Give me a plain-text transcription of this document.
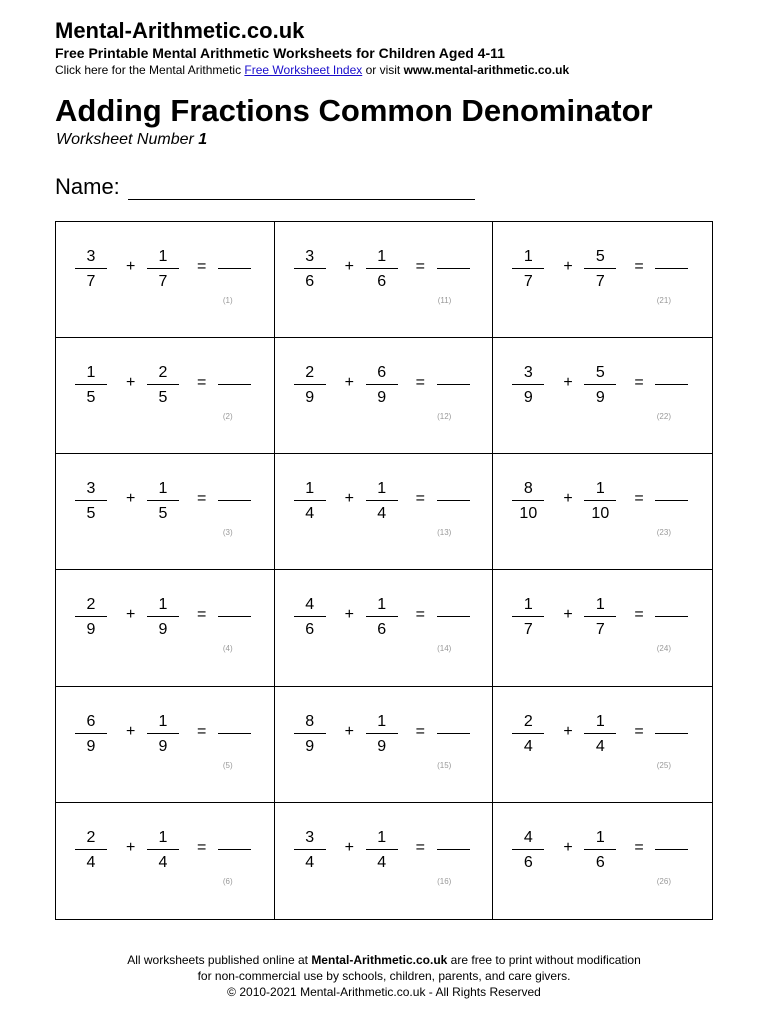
Mental-Arithmetic.co.uk

Free Printable Mental Arithmetic Worksheets for Children Aged 4-11

Click here for the Mental Arithmetic Free Worksheet Index or visit www.mental-arithmetic.co.uk

Adding Fractions Common Denominator

Worksheet Number 1

Name:
3
7
+
1
7
=
(1)
3
6
+
1
6
=
(11)
1
7
+
5
7
=
(21)
1
5
+
2
5
=
(2)
2
9
+
6
9
=
(12)
3
9
+
5
9
=
(22)
3
5
+
1
5
=
(3)
1
4
+
1
4
=
(13)
8
10
+
1
10
=
(23)
2
9
+
1
9
=
(4)
4
6
+
1
6
=
(14)
1
7
+
1
7
=
(24)
6
9
+
1
9
=
(5)
8
9
+
1
9
=
(15)
2
4
+
1
4
=
(25)
2
4
+
1
4
=
(6)
3
4
+
1
4
=
(16)
4
6
+
1
6
=
(26)

All worksheets published online at Mental-Arithmetic.co.uk are free to print without modification

for non-commercial use by schools, children, parents, and care givers.

© 2010-2021 Mental-Arithmetic.co.uk - All Rights Reserved
